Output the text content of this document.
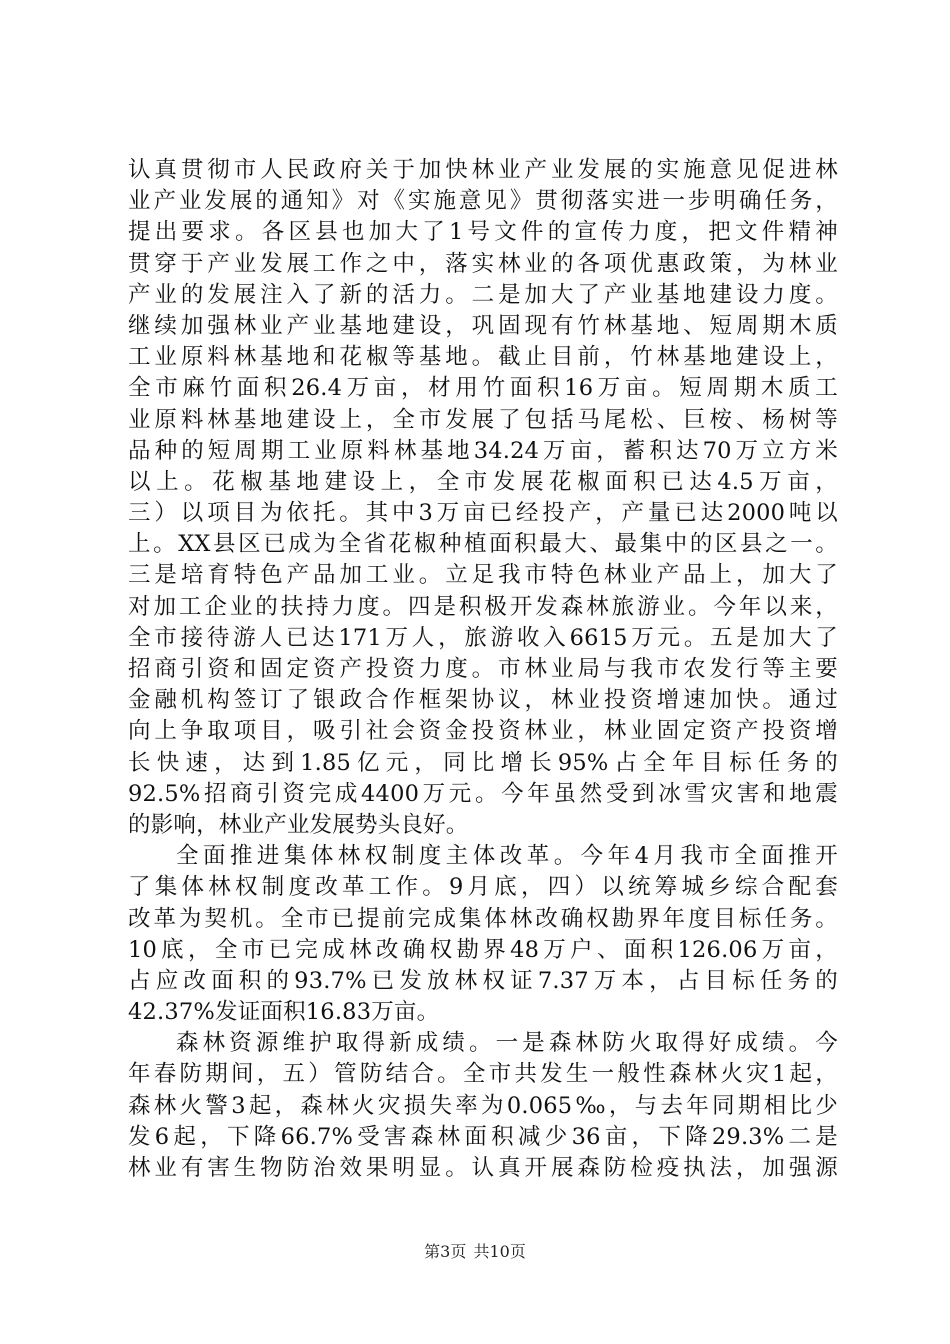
认真贯彻市人民政府关于加快林业产业发展的实施意见促进林
业产业发展的通知》对《实施意见》贯彻落实进一步明确任务，
提出要求。各区县也加大了1号文件的宣传力度，把文件精神
贯穿于产业发展工作之中，落实林业的各项优惠政策，为林业
产业的发展注入了新的活力。二是加大了产业基地建设力度。
继续加强林业产业基地建设，巩固现有竹林基地、短周期木质
工业原料林基地和花椒等基地。截止目前，竹林基地建设上，
全市麻竹面积26.4万亩，材用竹面积16万亩。短周期木质工
业原料林基地建设上，全市发展了包括马尾松、巨桉、杨树等
品种的短周期工业原料林基地34.24万亩，蓄积达70万立方米
以上。花椒基地建设上，全市发展花椒面积已达4.5万亩，
三）以项目为依托。其中3万亩已经投产，产量已达2000吨以
上。XX县区已成为全省花椒种植面积最大、最集中的区县之一。
三是培育特色产品加工业。立足我市特色林业产品上，加大了
对加工企业的扶持力度。四是积极开发森林旅游业。今年以来，
全市接待游人已达171万人，旅游收入6615万元。五是加大了
招商引资和固定资产投资力度。市林业局与我市农发行等主要
金融机构签订了银政合作框架协议，林业投资增速加快。通过
向上争取项目，吸引社会资金投资林业，林业固定资产投资增
长快速，达到1.85亿元，同比增长95%占全年目标任务的
92.5%招商引资完成4400万元。今年虽然受到冰雪灾害和地震
的影响，林业产业发展势头良好。
全面推进集体林权制度主体改革。今年4月我市全面推开
了集体林权制度改革工作。9月底，四）以统筹城乡综合配套
改革为契机。全市已提前完成集体林改确权勘界年度目标任务。
10底，全市已完成林改确权勘界48万户、面积126.06万亩，
占应改面积的93.7%已发放林权证7.37万本，占目标任务的
42.37%发证面积16.83万亩。
森林资源维护取得新成绩。一是森林防火取得好成绩。今
年春防期间，五）管防结合。全市共发生一般性森林火灾1起，
森林火警3起，森林火灾损失率为0.065‰，与去年同期相比少
发6起，下降66.7%受害森林面积减少36亩，下降29.3%二是
林业有害生物防治效果明显。认真开展森防检疫执法，加强源
第3页 共10页
